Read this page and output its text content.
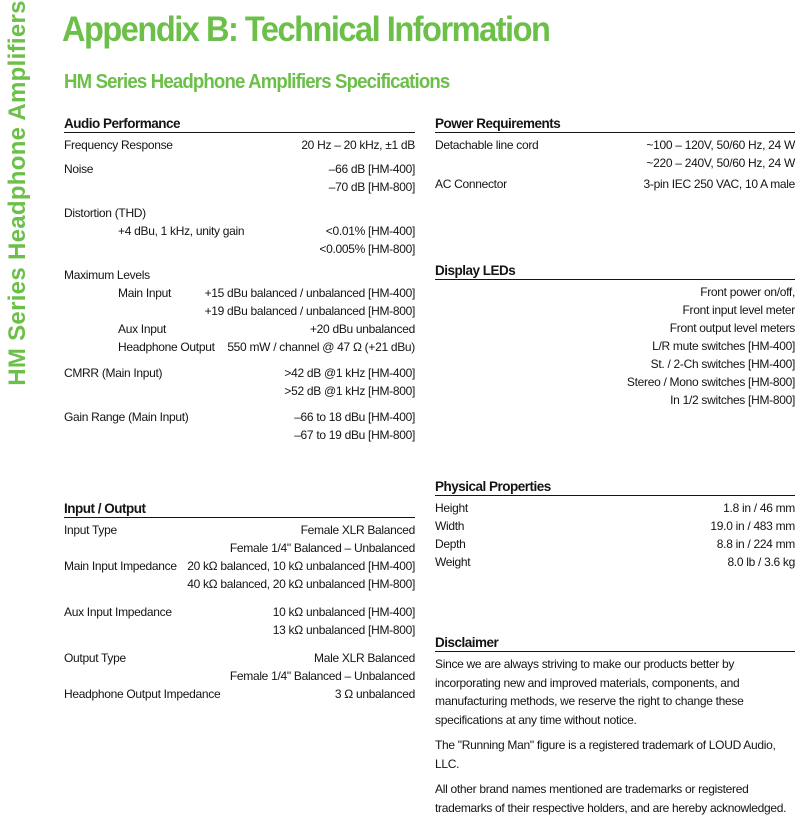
HM Series Headphone Amplifiers Appendix B: Technical Information
HM Series Headphone Amplifiers Specifications
Audio Performance
Frequency Response	20 Hz – 20 kHz, ±1 dB
Noise	–66 dB [HM-400]
–70 dB [HM-800]
Distortion (THD)
+4 dBu, 1 kHz, unity gain	<0.01% [HM-400]
<0.005% [HM-800]
Maximum Levels
Main Input	+15 dBu balanced / unbalanced [HM-400]
+19 dBu balanced / unbalanced [HM-800]
Aux Input	+20 dBu unbalanced
Headphone Output 550 mW / channel @ 47 Ω (+21 dBu)
CMRR (Main Input)	>42 dB @1 kHz [HM-400]
>52 dB @1 kHz [HM-800]
Gain Range (Main Input)	–66 to 18 dBu [HM-400]
–67 to 19 dBu [HM-800]
Input / Output
Input Type	Female XLR Balanced
Female 1/4" Balanced – Unbalanced
Main Input Impedance 20 kΩ balanced, 10 kΩ unbalanced [HM-400]
40 kΩ balanced, 20 kΩ unbalanced [HM-800]
Aux Input Impedance	10 kΩ unbalanced [HM-400]
13 kΩ unbalanced [HM-800]
Output Type	Male XLR Balanced
Female 1/4" Balanced – Unbalanced
Headphone Output Impedance	3 Ω unbalanced
Power Requirements
Detachable line cord	~100 – 120V, 50/60 Hz, 24 W
~220 – 240V, 50/60 Hz, 24 W
AC Connector	3-pin IEC 250 VAC, 10 A male
Display LEDs
Front power on/off,
Front input level meter
Front output level meters
L/R mute switches [HM-400]
St. / 2-Ch switches [HM-400]
Stereo / Mono switches [HM-800]
In 1/2 switches [HM-800]
Physical Properties
Height	1.8 in / 46 mm
Width	19.0 in / 483 mm
Depth	8.8 in / 224 mm
Weight	8.0 lb / 3.6 kg
Disclaimer

Since we are always striving to make our products better by incorporating new and improved materials, components, and manufacturing methods, we reserve the right to change these specifications at any time without notice.

The "Running Man" figure is a registered trademark of LOUD Audio, LLC.

All other brand names mentioned are trademarks or registered trademarks of their respective holders, and are hereby acknowledged.
